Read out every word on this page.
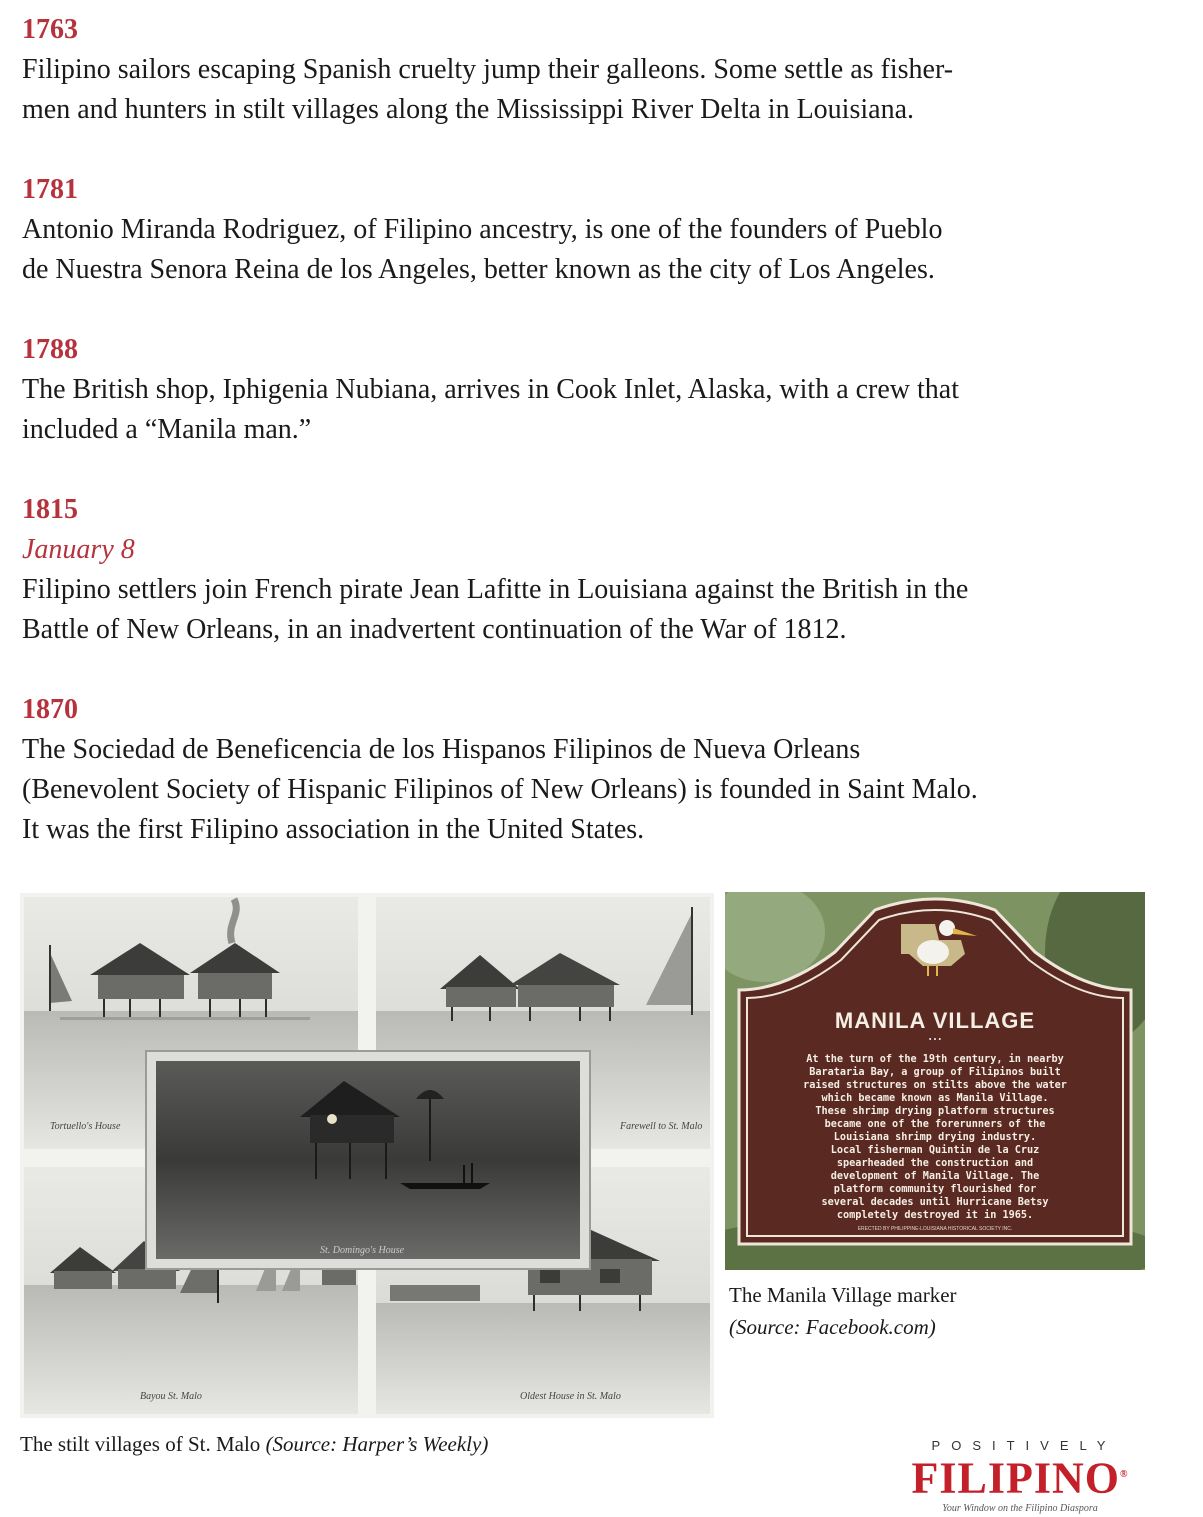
1763
Filipino sailors escaping Spanish cruelty jump their galleons. Some settle as fisher-
men and hunters in stilt villages along the Mississippi River Delta in Louisiana.
1781
Antonio Miranda Rodriguez, of Filipino ancestry, is one of the founders of Pueblo
de Nuestra Senora Reina de los Angeles, better known as the city of Los Angeles.
1788
The British shop, Iphigenia Nubiana, arrives in Cook Inlet, Alaska, with a crew that
included a “Manila man.”
1815
January 8
Filipino settlers join French pirate Jean Lafitte in Louisiana against the British in the
Battle of New Orleans, in an inadvertent continuation of the War of 1812.
1870
The Sociedad de Beneficencia de los Hispanos Filipinos de Nueva Orleans
(Benevolent Society of Hispanic Filipinos of New Orleans) is founded in Saint Malo.
It was the first Filipino association in the United States.
Tortuello's House	Farewell to St. Malo
St. Domingo's House
Bayou St. Malo	Oldest House in St. Malo
The stilt villages of St. Malo (Source: Harper’s Weekly)
MANILA VILLAGE
• • •
At the turn of the 19th century, in nearby
Barataria Bay, a group of Filipinos built
raised structures on stilts above the water
which became known as Manila Village.
These shrimp drying platform structures
became one of the forerunners of the
Louisiana shrimp drying industry.
Local fisherman Quintin de la Cruz
spearheaded the construction and
development of Manila Village. The
platform community flourished for
several decades until Hurricane Betsy
completely destroyed it in 1965.
ERECTED BY PHILIPPINE-LOUISIANA HISTORICAL SOCIETY INC.
The Manila Village marker
(Source: Facebook.com)
POSITIVELY
FILIPINO®
Your Window on the Filipino Diaspora
